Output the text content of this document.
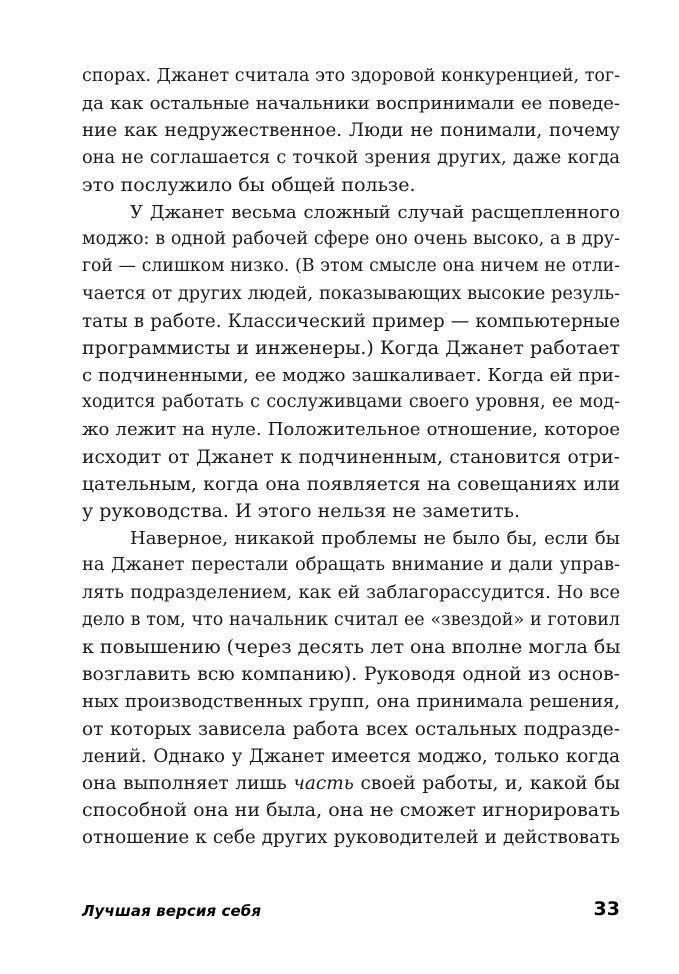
спорах. Джанет считала это здоровой конкуренцией, тог-
да как остальные начальники воспринимали ее поведе-
ние как недружественное. Люди не понимали, почему
она не соглашается с точкой зрения других, даже когда
это послужило бы общей пользе.
У Джанет весьма сложный случай расщепленного
моджо: в одной рабочей сфере оно очень высоко, а в дру-
гой — слишком низко. (В этом смысле она ничем не отли-
чается от других людей, показывающих высокие резуль-
таты в работе. Классический пример — компьютерные
программисты и инженеры.) Когда Джанет работает
с подчиненными, ее моджо зашкаливает. Когда ей при-
ходится работать с сослуживцами своего уровня, ее мод-
жо лежит на нуле. Положительное отношение, которое
исходит от Джанет к подчиненным, становится отри-
цательным, когда она появляется на совещаниях или
у руководства. И этого нельзя не заметить.
Наверное, никакой проблемы не было бы, если бы
на Джанет перестали обращать внимание и дали управ-
лять подразделением, как ей заблагорассудится. Но все
дело в том, что начальник считал ее «звездой» и готовил
к повышению (через десять лет она вполне могла бы
возглавить всю компанию). Руководя одной из основ-
ных производственных групп, она принимала решения,
от которых зависела работа всех остальных подразде-
лений. Однако у Джанет имеется моджо, только когда
она выполняет лишь часть своей работы, и, какой бы
способной она ни была, она не сможет игнорировать
отношение к себе других руководителей и действовать
Лучшая версия себя	33
